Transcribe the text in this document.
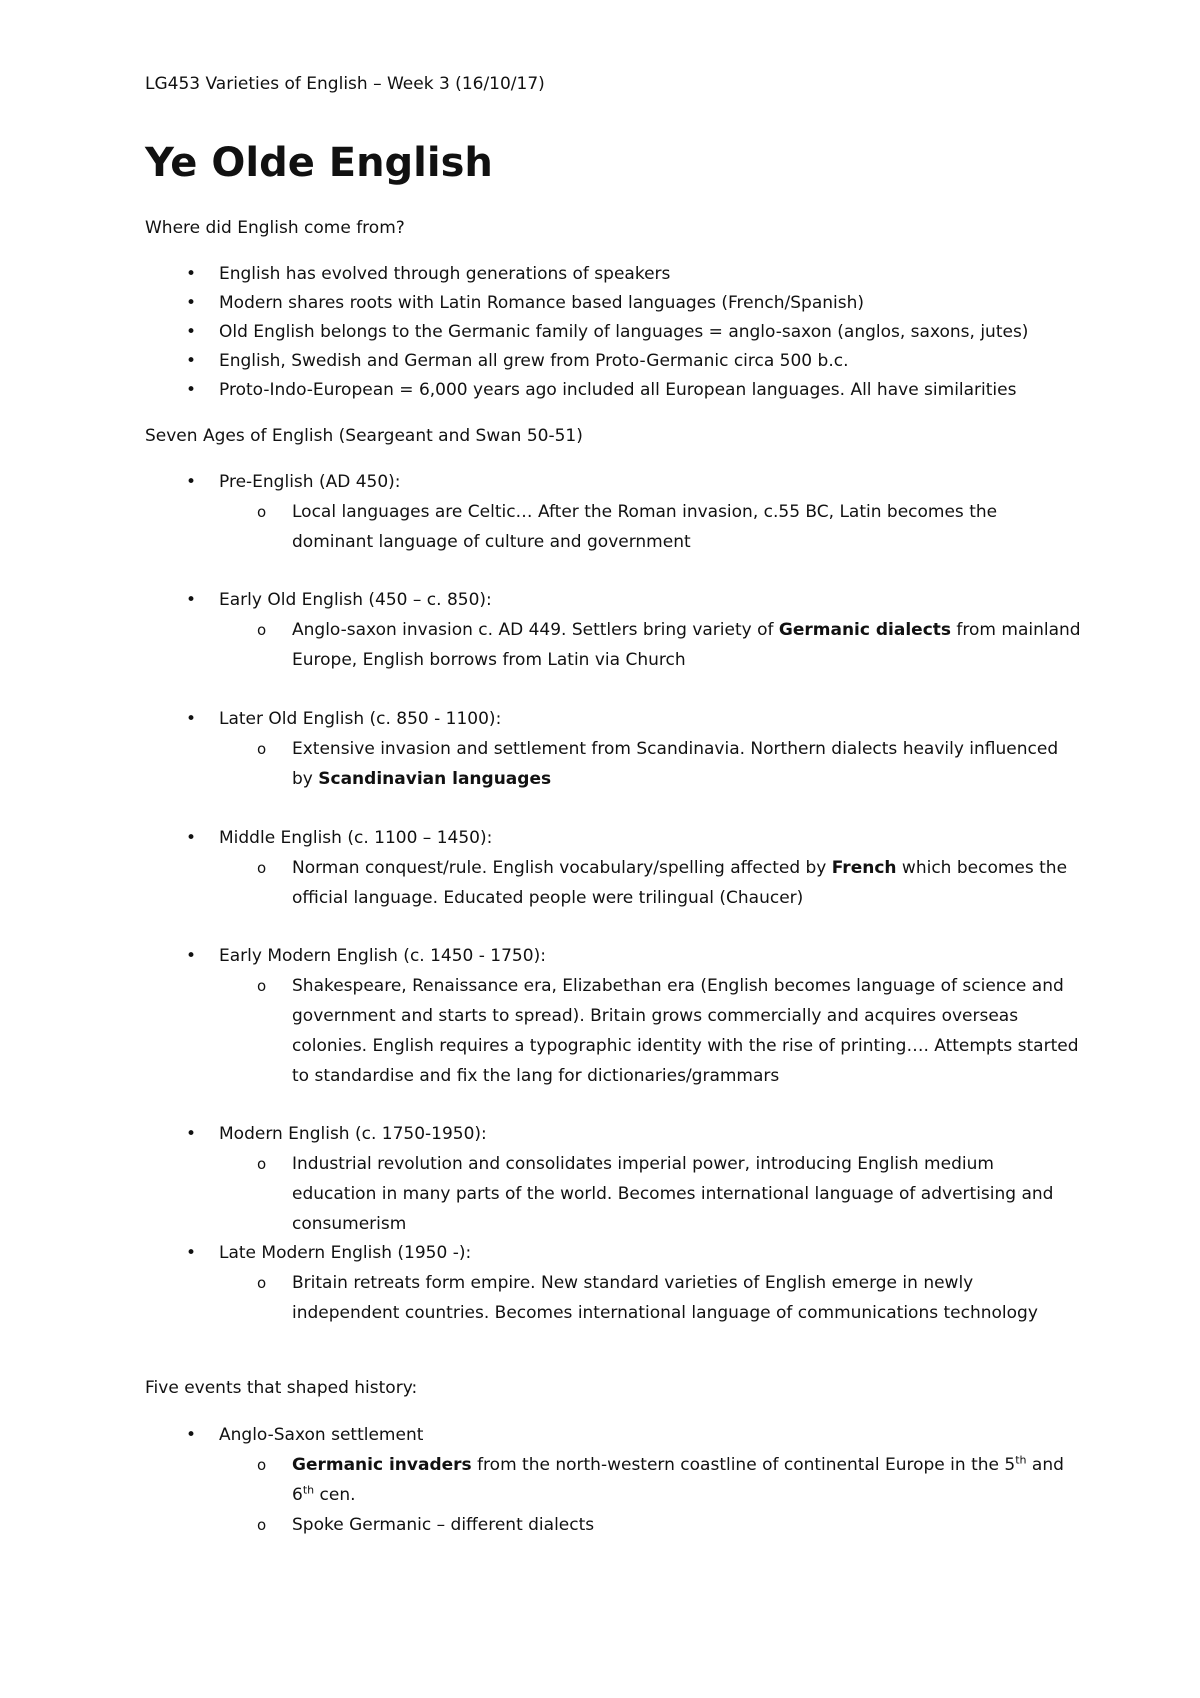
LG453 Varieties of English – Week 3 (16/10/17)
Ye Olde English
Where did English come from?
• English has evolved through generations of speakers
• Modern shares roots with Latin Romance based languages (French/Spanish)
• Old English belongs to the Germanic family of languages = anglo-saxon (anglos, saxons, jutes)
• English, Swedish and German all grew from Proto-Germanic circa 500 b.c.
• Proto-Indo-European = 6,000 years ago included all European languages. All have similarities
Seven Ages of English (Seargeant and Swan 50-51)
• Pre-English (AD 450):
o Local languages are Celtic… After the Roman invasion, c.55 BC, Latin becomes the dominant language of culture and government
• Early Old English (450 – c. 850):
o Anglo-saxon invasion c. AD 449. Settlers bring variety of Germanic dialects from mainland Europe, English borrows from Latin via Church
• Later Old English (c. 850 - 1100):
o Extensive invasion and settlement from Scandinavia. Northern dialects heavily influenced by Scandinavian languages
• Middle English (c. 1100 – 1450):
o Norman conquest/rule. English vocabulary/spelling affected by French which becomes the official language. Educated people were trilingual (Chaucer)
• Early Modern English (c. 1450 - 1750):
o Shakespeare, Renaissance era, Elizabethan era (English becomes language of science and government and starts to spread). Britain grows commercially and acquires overseas colonies. English requires a typographic identity with the rise of printing…. Attempts started to standardise and fix the lang for dictionaries/grammars
• Modern English (c. 1750-1950):
o Industrial revolution and consolidates imperial power, introducing English medium education in many parts of the world. Becomes international language of advertising and consumerism
• Late Modern English (1950 -):
o Britain retreats form empire. New standard varieties of English emerge in newly independent countries. Becomes international language of communications technology
Five events that shaped history:
• Anglo-Saxon settlement
o Germanic invaders from the north-western coastline of continental Europe in the 5th and 6th cen.
o Spoke Germanic – different dialects
